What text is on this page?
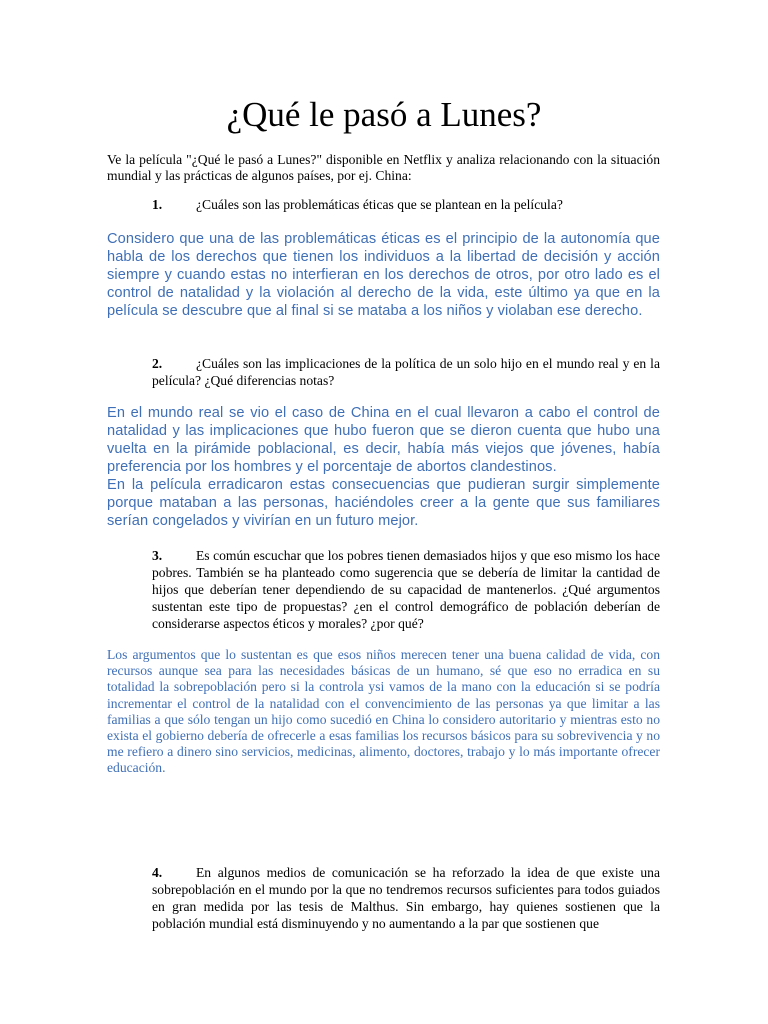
¿Qué le pasó a Lunes?
Ve la película "¿Qué le pasó a Lunes?" disponible en Netflix y analiza relacionando con la situación mundial y las prácticas de algunos países, por ej. China:
1. ¿Cuáles son las problemáticas éticas que se plantean en la película?

Considero que una de las problemáticas éticas es el principio de la autonomía que habla de los derechos que tienen los individuos a la libertad de decisión y acción siempre y cuando estas no interfieran en los derechos de otros, por otro lado es el control de natalidad y la violación al derecho de la vida, este último ya que en la película se descubre que al final si se mataba a los niños y violaban ese derecho.

2. ¿Cuáles son las implicaciones de la política de un solo hijo en el mundo real y en la película? ¿Qué diferencias notas?

En el mundo real se vio el caso de China en el cual llevaron a cabo el control de natalidad y las implicaciones que hubo fueron que se dieron cuenta que hubo una vuelta en la pirámide poblacional, es decir, había más viejos que jóvenes, había preferencia por los hombres y el porcentaje de abortos clandestinos.

En la película erradicaron estas consecuencias que pudieran surgir simplemente porque mataban a las personas, haciéndoles creer a la gente que sus familiares serían congelados y vivirían en un futuro mejor.

3. Es común escuchar que los pobres tienen demasiados hijos y que eso mismo los hace pobres. También se ha planteado como sugerencia que se debería de limitar la cantidad de hijos que deberían tener dependiendo de su capacidad de mantenerlos. ¿Qué argumentos sustentan este tipo de propuestas? ¿en el control demográfico de población deberían de considerarse aspectos éticos y morales? ¿por qué?
Los argumentos que lo sustentan es que esos niños merecen tener una buena calidad de vida, con recursos aunque sea para las necesidades básicas de un humano, sé que eso no erradica en su totalidad la sobrepoblación pero si la controla ysi vamos de la mano con la educación si se podría incrementar el control de la natalidad con el convencimiento de las personas ya que limitar a las familias a que sólo tengan un hijo como sucedió en China lo considero autoritario y mientras esto no exista el gobierno debería de ofrecerle a esas familias los recursos básicos para su sobrevivencia y no me refiero a dinero sino servicios, medicinas, alimento, doctores, trabajo y lo más importante ofrecer educación.
4. En algunos medios de comunicación se ha reforzado la idea de que existe una sobrepoblación en el mundo por la que no tendremos recursos suficientes para todos guiados en gran medida por las tesis de Malthus. Sin embargo, hay quienes sostienen que la población mundial está disminuyendo y no aumentando a la par que sostienen que
